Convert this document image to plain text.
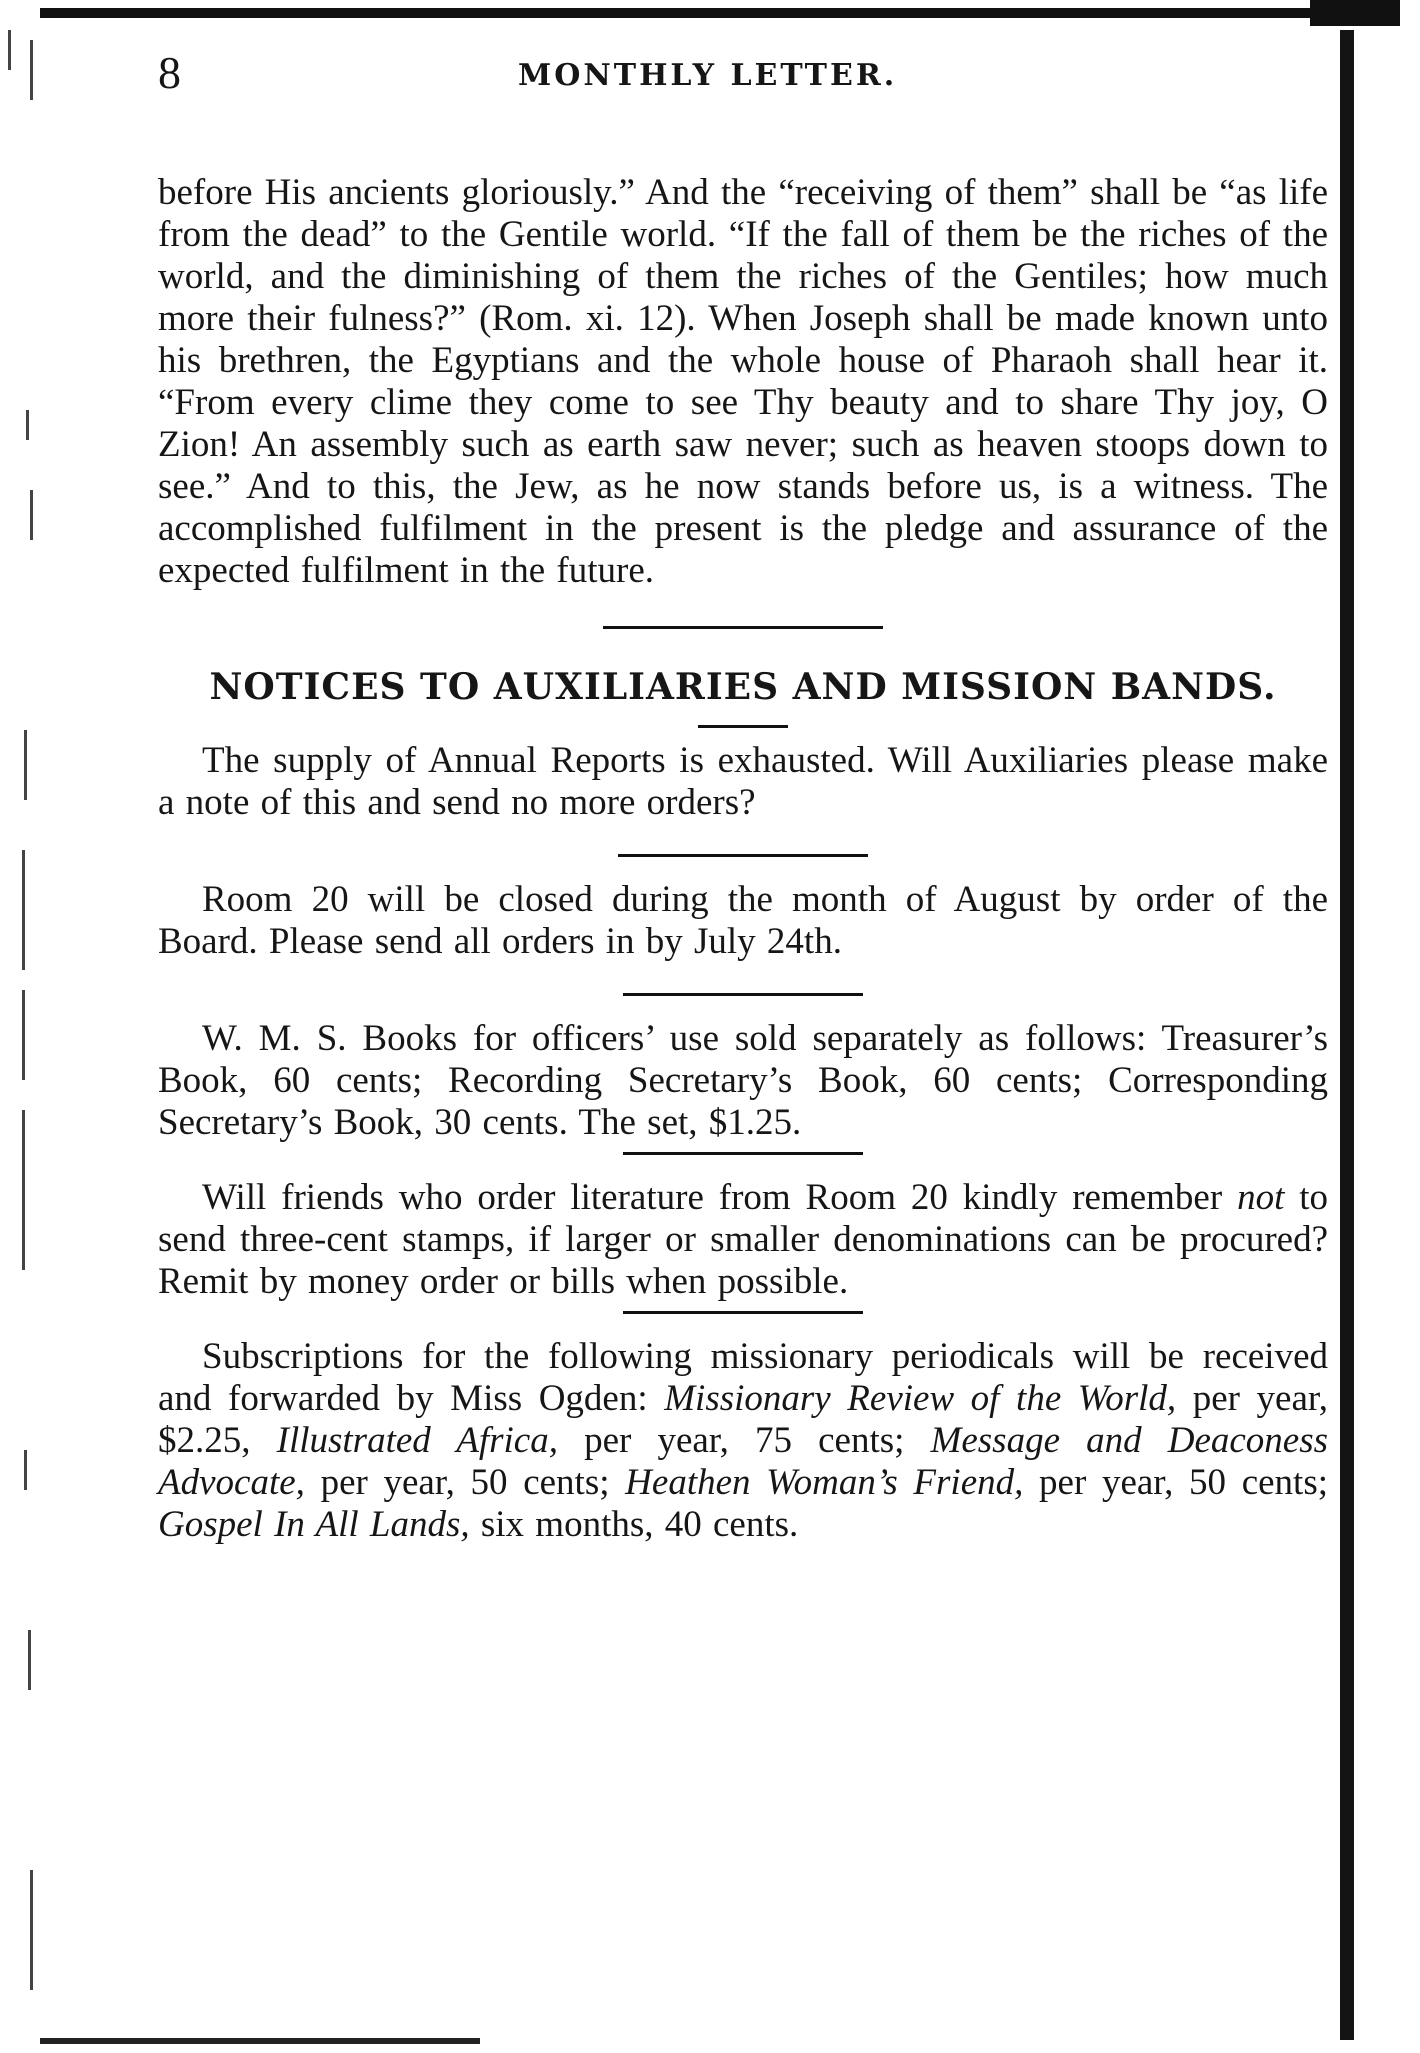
8	MONTHLY LETTER.

before His ancients gloriously.” And the “receiving of them” shall be “as life from the dead” to the Gentile world. “If the fall of them be the riches of the world, and the diminishing of them the riches of the Gentiles; how much more their fulness?” (Rom. xi. 12). When Joseph shall be made known unto his brethren, the Egyptians and the whole house of Pharaoh shall hear it. “From every clime they come to see Thy beauty and to share Thy joy, O Zion! An assembly such as earth saw never; such as heaven stoops down to see.” And to this, the Jew, as he now stands before us, is a witness. The accomplished fulfilment in the present is the pledge and assurance of the expected fulfilment in the future.

NOTICES TO AUXILIARIES AND MISSION BANDS.

The supply of Annual Reports is exhausted. Will Auxiliaries please make a note of this and send no more orders?

Room 20 will be closed during the month of August by order of the Board. Please send all orders in by July 24th.

W. M. S. Books for officers’ use sold separately as follows: Treasurer’s Book, 60 cents; Recording Secretary’s Book, 60 cents; Corresponding Secretary’s Book, 30 cents. The set, $1.25.

Will friends who order literature from Room 20 kindly remember not to send three-cent stamps, if larger or smaller denominations can be procured? Remit by money order or bills when possible.

Subscriptions for the following missionary periodicals will be received and forwarded by Miss Ogden: Missionary Review of the World, per year, $2.25, Illustrated Africa, per year, 75 cents; Message and Deaconess Advocate, per year, 50 cents; Heathen Woman’s Friend, per year, 50 cents; Gospel In All Lands, six months, 40 cents.
